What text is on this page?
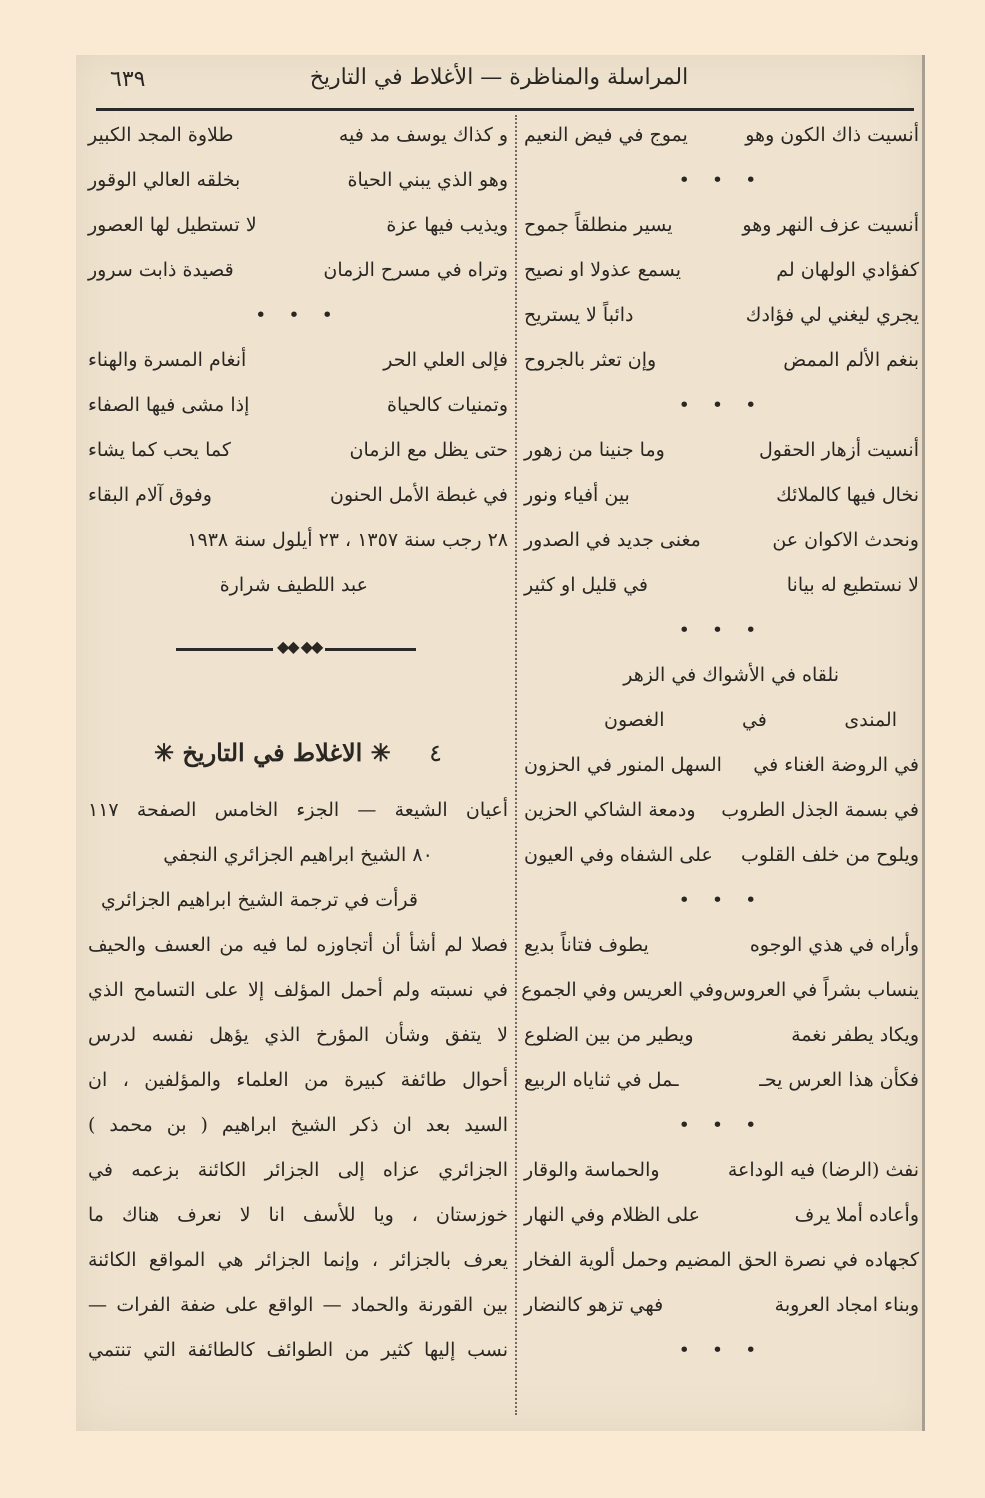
٦٣٩	المراسلة والمناظرة — الأغلاط في التاريخ
أنسيت ذاك الكون وهو
يموج في فيض النعيم
• • •
أنسيت عزف النهر وهو
يسير منطلقاً جموح
كفؤادي الولهان لم
يسمع عذولا او نصيح
يجري ليغني لي فؤادك
دائباً لا يستريح
بنغم الألم الممض
وإن تعثر بالجروح
• • •
أنسيت أزهار الحقول
وما جنينا من زهور
نخال فيها كالملائك
بين أفياء ونور
ونحدث الاكوان عن
مغنى جديد في الصدور
لا نستطيع له بيانا
في قليل او كثير
• • •
نلقاه في الأشواك في الزهر
المندى
في
الغصون
في الروضة الغناء في
السهل المنور في الحزون
في بسمة الجذل الطروب
ودمعة الشاكي الحزين
ويلوح من خلف القلوب
على الشفاه وفي العيون
• • •
وأراه في هذي الوجوه
يطوف فتاناً بديع
ينساب بشراً في العروس
وفي العريس وفي الجموع
ويكاد يطفر نغمة
ويطير من بين الضلوع
فكأن هذا العرس يحـ
ـمل في ثناياه الربيع
• • •
نفث (الرضا) فيه الوداعة
والحماسة والوقار
وأعاده أملا يرف
على الظلام وفي النهار
كجهاده في نصرة الحق المضيم وحمل ألوية الفخار
وبناء امجاد العروبة
فهي تزهو كالنضار
• • •
و كذاك يوسف مد فيه
طلاوة المجد الكبير
وهو الذي يبني الحياة
بخلقه العالي الوقور
ويذيب فيها عزة
لا تستطيل لها العصور
وتراه في مسرح الزمان
قصيدة ذابت سرور
• • •
فإلى العلي الحر
أنغام المسرة والهناء
وتمنيات كالحياة
إذا مشى فيها الصفاء
حتى يظل مع الزمان
كما يحب كما يشاء
في غبطة الأمل الحنون
وفوق آلام البقاء
٢٨ رجب سنة ١٣٥٧ ، ٢٣ أيلول سنة ١٩٣٨
عبد اللطيف شرارة
◆◆ ◆◆
٤ ✳ الاغلاط في التاريخ ✳
أعيان الشيعة — الجزء الخامس الصفحة ١١٧
٨٠ الشيخ ابراهيم الجزائري النجفي
قرأت في ترجمة الشيخ ابراهيم الجزائري
فصلا لم أشأ أن أتجاوزه لما فيه من العسف والحيف
في نسبته ولم أحمل المؤلف إلا على التسامح الذي
لا يتفق وشأن المؤرخ الذي يؤهل نفسه لدرس
أحوال طائفة كبيرة من العلماء والمؤلفين ، ان
السيد بعد ان ذكر الشيخ ابراهيم ( بن محمد )
الجزائري عزاه إلى الجزائر الكائنة بزعمه في
خوزستان ، ويا للأسف انا لا نعرف هناك ما
يعرف بالجزائر ، وإنما الجزائر هي المواقع الكائنة
بين القورنة والحماد — الواقع على ضفة الفرات —
نسب إليها كثير من الطوائف كالطائفة التي تنتمي
